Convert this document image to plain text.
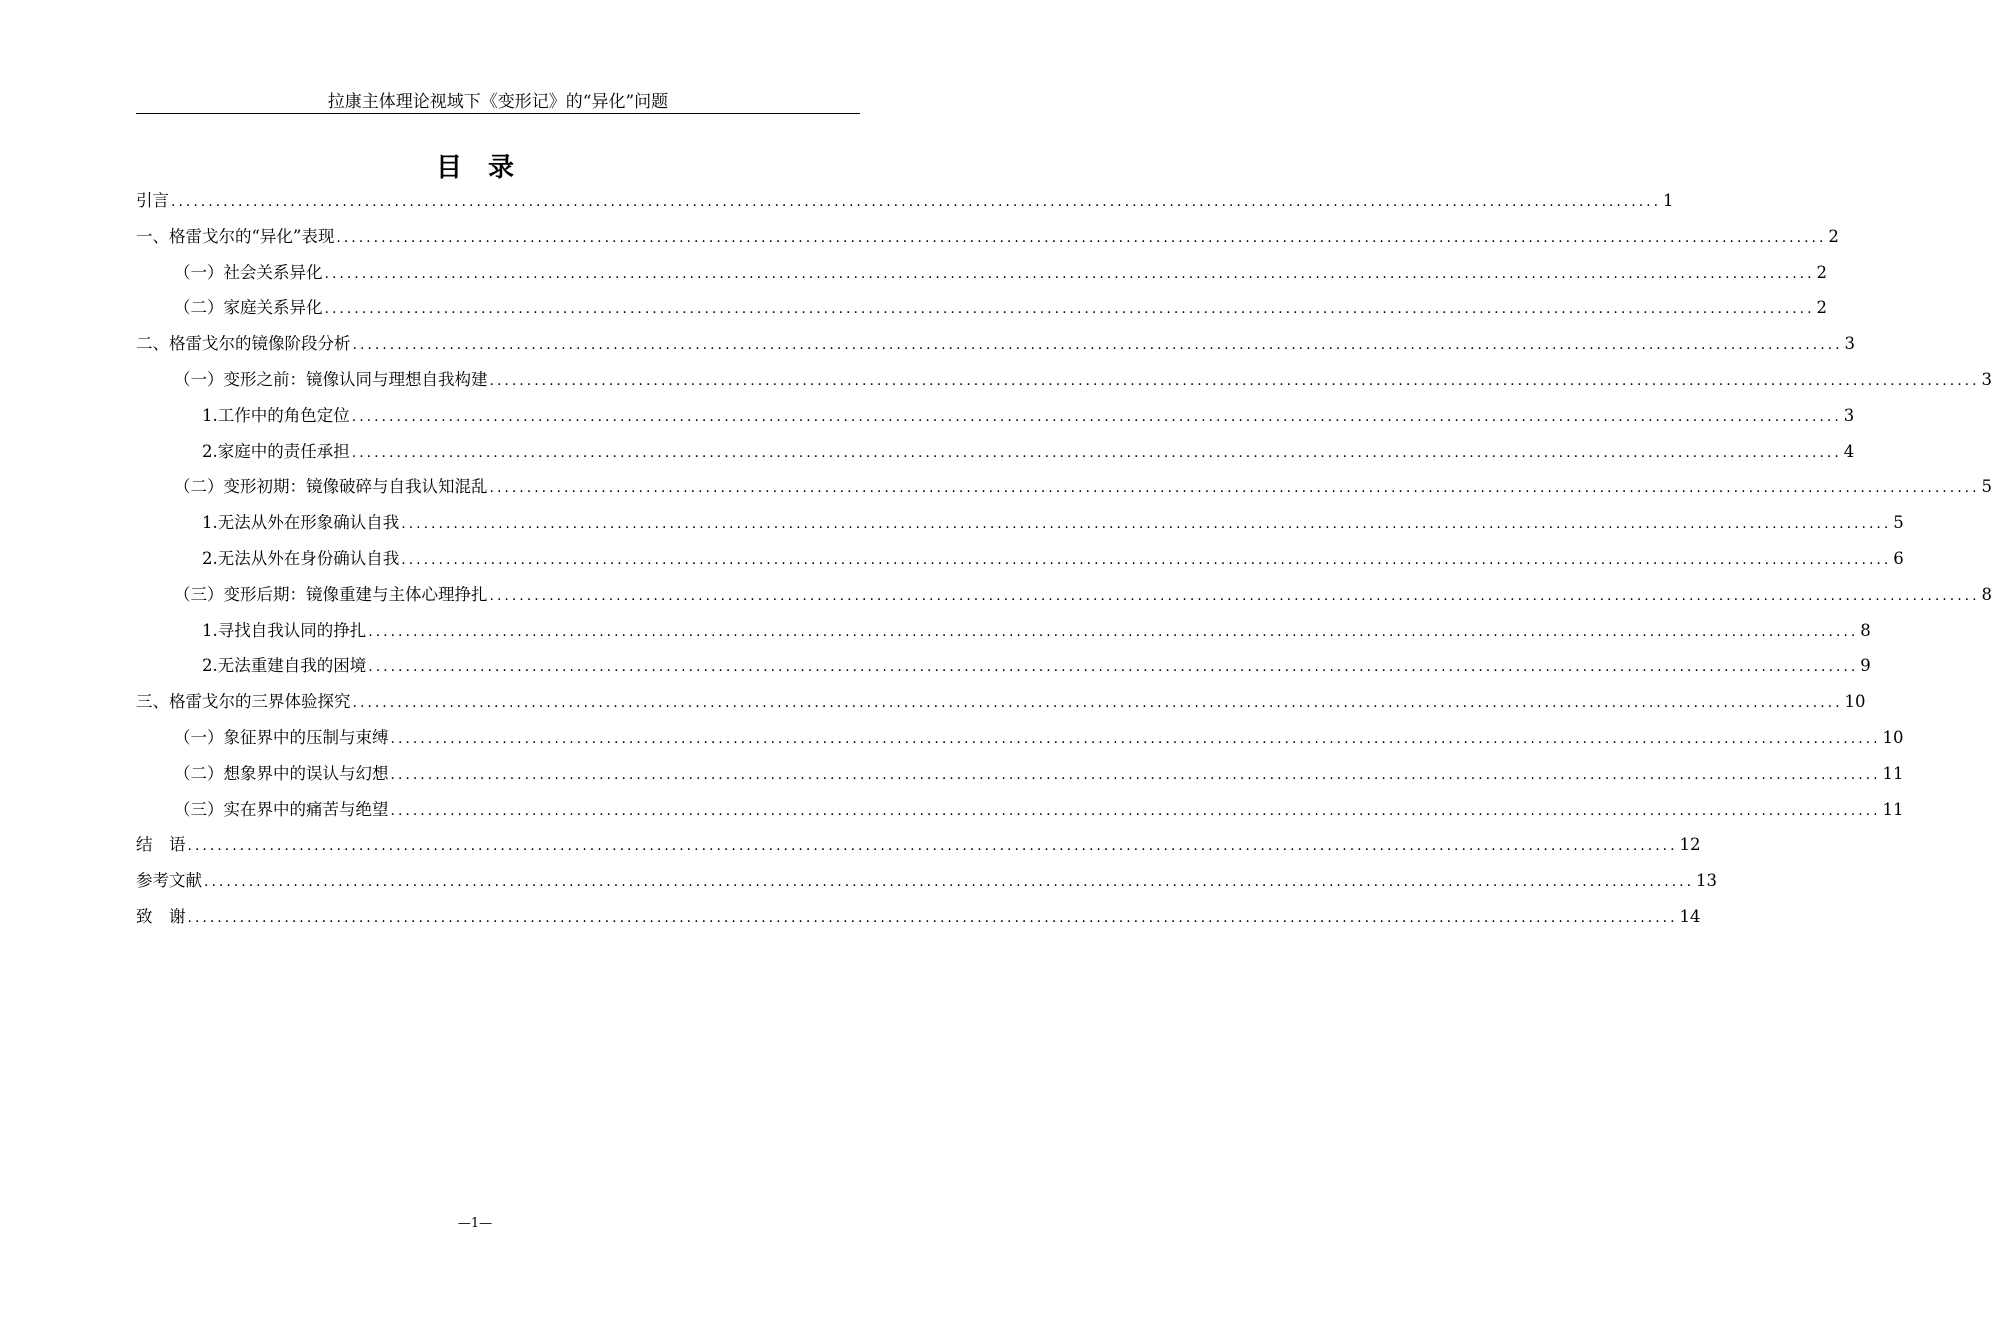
拉康主体理论视域下《变形记》的“异化”问题
目 录
引言 ........................................................................................................................................................................................................ 1
一、格雷戈尔的“异化”表现 ........................................................................................................................................................................................................ 2
（一）社会关系异化 ........................................................................................................................................................................................................ 2
（二）家庭关系异化 ........................................................................................................................................................................................................ 2
二、格雷戈尔的镜像阶段分析 ........................................................................................................................................................................................................ 3
（一）变形之前：镜像认同与理想自我构建 ........................................................................................................................................................................................................ 3
1.工作中的角色定位 ........................................................................................................................................................................................................ 3
2.家庭中的责任承担 ........................................................................................................................................................................................................ 4
（二）变形初期：镜像破碎与自我认知混乱 ........................................................................................................................................................................................................ 5
1.无法从外在形象确认自我 ........................................................................................................................................................................................................ 5
2.无法从外在身份确认自我 ........................................................................................................................................................................................................ 6
（三）变形后期：镜像重建与主体心理挣扎 ........................................................................................................................................................................................................ 8
1.寻找自我认同的挣扎 ........................................................................................................................................................................................................ 8
2.无法重建自我的困境 ........................................................................................................................................................................................................ 9
三、格雷戈尔的三界体验探究 ........................................................................................................................................................................................................ 10
（一）象征界中的压制与束缚 ........................................................................................................................................................................................................ 10
（二）想象界中的误认与幻想 ........................................................................................................................................................................................................ 11
（三）实在界中的痛苦与绝望 ........................................................................................................................................................................................................ 11
结　语 ........................................................................................................................................................................................................ 12
参考文献 ........................................................................................................................................................................................................ 13
致　谢 ........................................................................................................................................................................................................ 14
—1—
